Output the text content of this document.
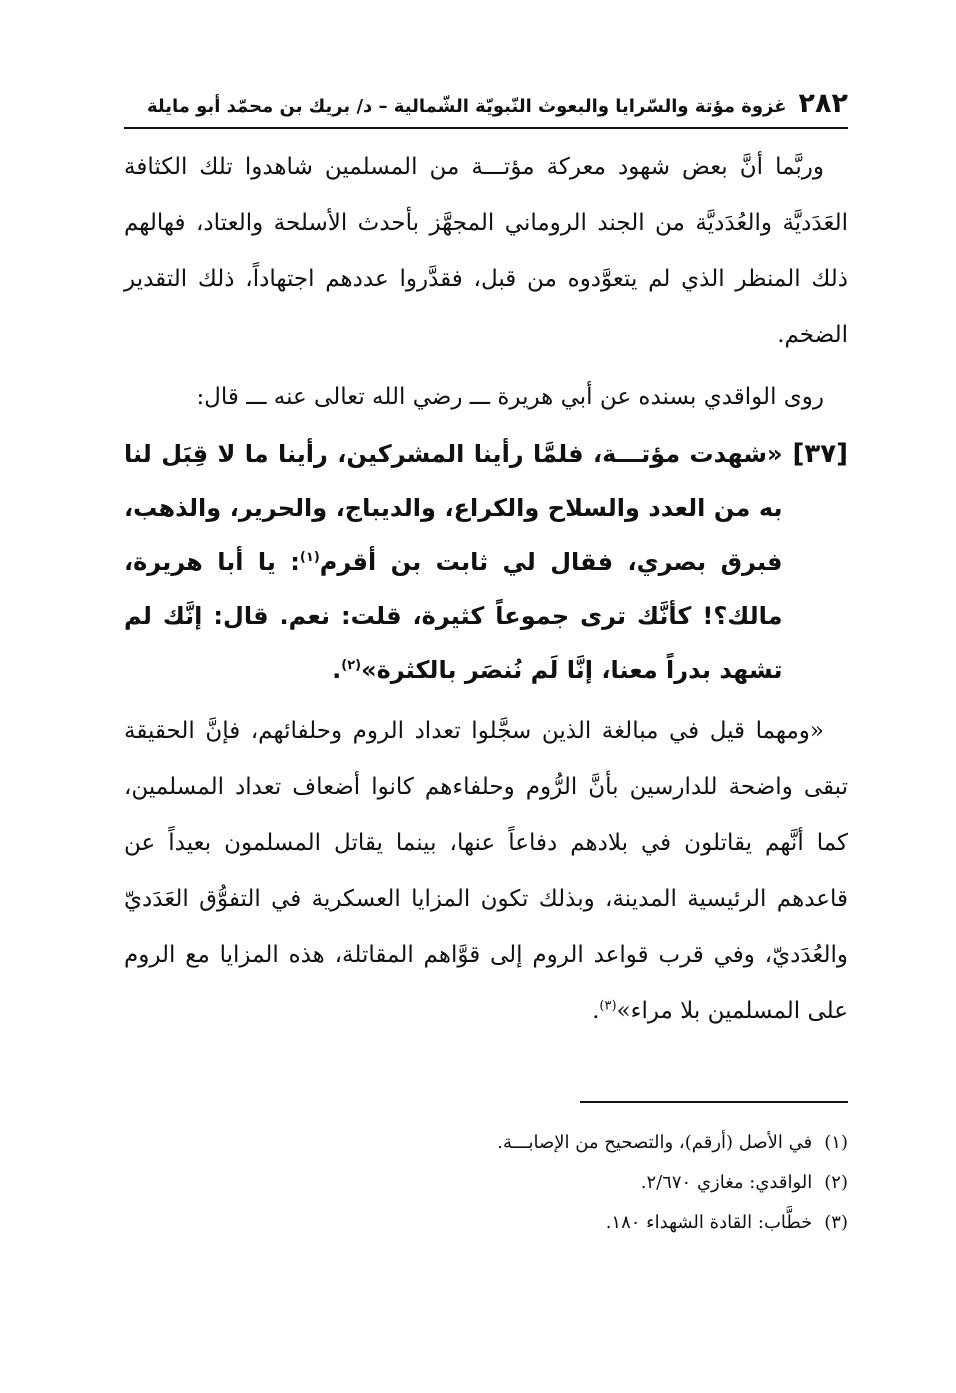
٢٨٢
غزوة مؤتة والسّرايا والبعوث النّبويّة الشّمالية – د/ بريك بن محمّد أبو مايلة

وربَّما أنَّ بعض شهود معركة مؤتـــة من المسلمين شاهدوا تلك الكثافة العَدَديَّة والعُدَديَّة من الجند الروماني المجهَّز بأحدث الأسلحة والعتاد، فهالهم ذلك المنظر الذي لم يتعوَّدوه من قبل، فقدَّروا عددهم اجتهاداً، ذلك التقدير الضخم.

روى الواقدي بسنده عن أبي هريرة ـــ رضي الله تعالى عنه ـــ قال:

[٣٧]

«شهدت مؤتـــة، فلمَّا رأينا المشركين، رأينا ما لا قِبَل لنا به من العدد والسلاح والكراع، والديباج، والحرير، والذهب، فبرق بصري، فقال لي ثابت بن أقرم$^{(١)}$: يا أبا هريرة، مالك؟! كأنَّك ترى جموعاً كثيرة، قلت: نعم. قال: إنَّك لم تشهد بدراً معنا، إنَّا لَم نُنصَر بالكثرة»$^{(٢)}$.

«ومهما قيل في مبالغة الذين سجَّلوا تعداد الروم وحلفائهم، فإنَّ الحقيقة تبقى واضحة للدارسين بأنَّ الرُّوم وحلفاءهم كانوا أضعاف تعداد المسلمين، كما أنَّهم يقاتلون في بلادهم دفاعاً عنها، بينما يقاتل المسلمون بعيداً عن قاعدهم الرئيسية المدينة، وبذلك تكون المزايا العسكرية في التفوُّق العَدَديّ والعُدَديّ، وفي قرب قواعد الروم إلى قوَّاهم المقاتلة، هذه المزايا مع الروم على المسلمين بلا مراء»$^{(٣)}$.

(١)
في الأصل (أرقم)، والتصحيح من الإصابـــة.

(٢)
الواقدي: مغازي ٢/٦٧٠.

(٣)
خطَّاب: القادة الشهداء ١٨٠.
